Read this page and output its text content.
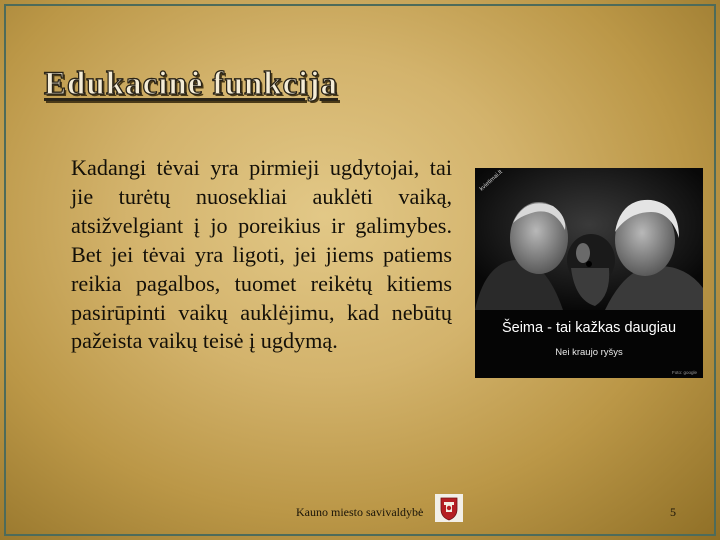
Edukacinė funkcija

Kadangi tėvai yra pirmieji ugdytojai, tai jie turėtų nuosekliai auklėti vaiką, atsižvelgiant į jo poreikius ir galimybes. Bet jei tėvai yra ligoti, jei jiems patiems reikia pagalbos, tuomet reikėtų kitiems pasirūpinti vaikų auklėjimu, kad nebūtų pažeista vaikų teisė į ugdymą.

kvietimai.lt
Šeima - tai kažkas daugiau
Nei kraujo ryšys
Foto: google
Kauno miesto savivaldybė	5
